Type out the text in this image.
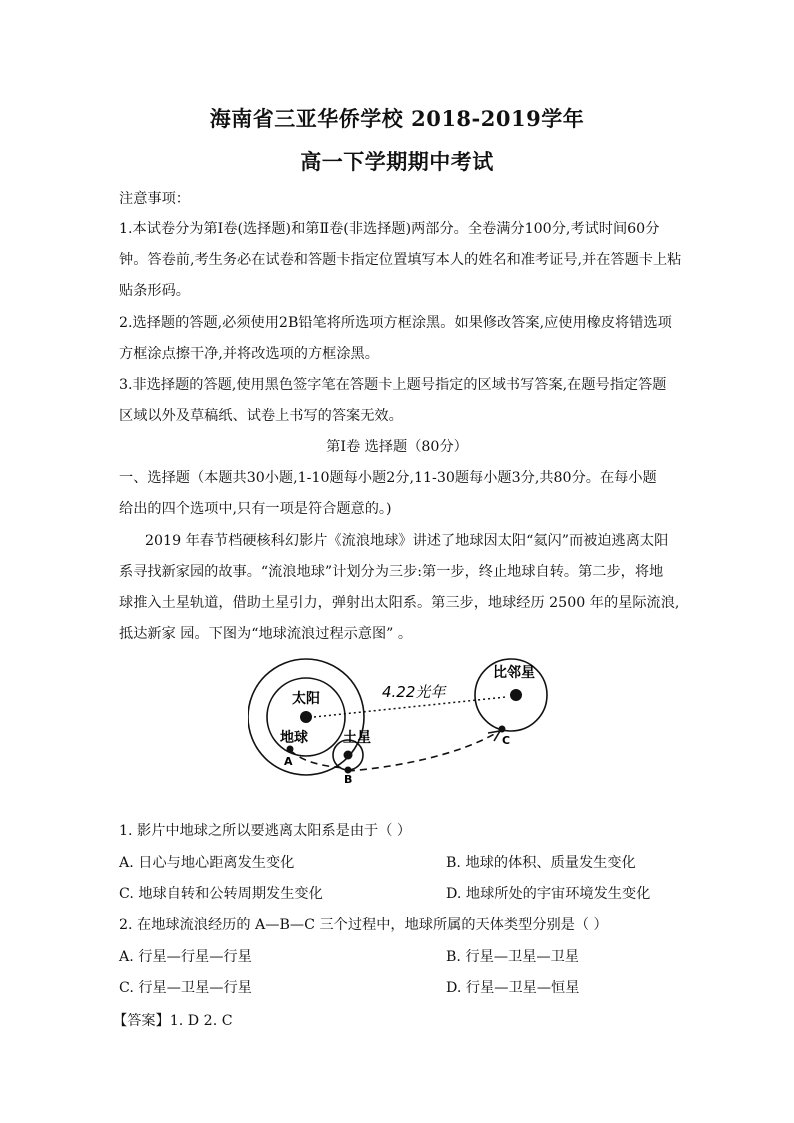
海南省三亚华侨学校 2018-2019学年
高一下学期期中考试
注意事项：
1.本试卷分为第Ⅰ卷(选择题)和第Ⅱ卷(非选择题)两部分。全卷满分100分,考试时间60分
钟。答卷前,考生务必在试卷和答题卡指定位置填写本人的姓名和准考证号,并在答题卡上粘
贴条形码。
2.选择题的答题,必须使用2B铅笔将所选项方框涂黑。如果修改答案,应使用橡皮将错选项
方框涂点擦干净,并将改选项的方框涂黑。
3.非选择题的答题,使用黑色签字笔在答题卡上题号指定的区域书写答案,在题号指定答题
区域以外及草稿纸、试卷上书写的答案无效。
第Ⅰ卷 选择题（80分）
一、选择题（本题共30小题,1-10题每小题2分,11-30题每小题3分,共80分。在每小题
给出的四个选项中,只有一项是符合题意的。)
2019 年春节档硬核科幻影片《流浪地球》讲述了地球因太阳“氦闪”而被迫逃离太阳
系寻找新家园的故事。“流浪地球”计划分为三步:第一步，终止地球自转。第二步，将地
球推入土星轨道，借助土星引力，弹射出太阳系。第三步，地球经历 2500 年的星际流浪,
抵达新家 园。下图为“地球流浪过程示意图” 。
太阳
地球	土星
比邻星
4.22光年
A
B
C
1. 影片中地球之所以要逃离太阳系是由于（ ）
A. 日心与地心距离发生变化	B. 地球的体积、质量发生变化
C. 地球自转和公转周期发生变化	D. 地球所处的宇宙环境发生变化
2. 在地球流浪经历的 A—B—C 三个过程中，地球所属的天体类型分别是（ ）
A. 行星—行星—行星	B. 行星—卫星—卫星
C. 行星—卫星—行星	D. 行星—卫星—恒星
【答案】1. D 2. C
